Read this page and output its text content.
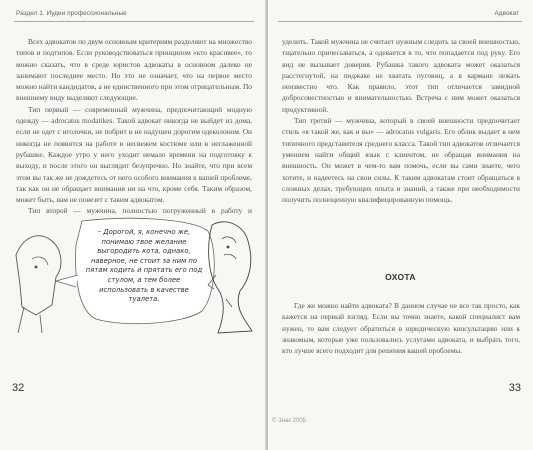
Раздел 1. Иудеи профессиональные

Всех адвокатов по двум основным критериям разделяют на множество типов и подтипов. Если руководствоваться принципом «кто красивее», то можно сказать, что в среде юристов адвокаты в основном далеко не занимают последнее место. Но это не означает, что на первое место можно найти кандидатов, а не единственного при этом отрицательным. По внешнему виду выделяют следующие.

Тип первый — современный мужчина, предпочитающий модную одежду — adrocatus modatikes. Такой адвокат никогда не выйдет из дома, если не одет с иголочки, не побрит и не надушен дорогим одеколоном. Он никогда не появится на работе в несвежем костюме или в неглаженной рубашке. Каждое утро у него уходит немало времени на подготовку к выходу, и после этого он выглядит безупречно. Но знайте, что при всем этом вы так же не дождетесь от него особого внимания к вашей проблеме, так как он не обращает внимания ни на что, кроме себя. Таким образом, может быть, вам не повезет с таким адвокатом.

Тип второй — мужчина, полностью погруженный в работу и

32
Адвокат

уделить. Такой мужчина не считает нужным следить за своей внешностью, тщательно причесываться, а одевается в то, что попадается под руку. Его вид не вызывает доверия. Рубашка такого адвоката может оказаться расстегнутой, на пиджаке не хватать пуговиц, а в кармане лежать неизвестно что. Как правило, этот тип отличается завидной добросовестностью и внимательностью. Встреча с ним может оказаться продуктивной.

Тип третий — мужчина, который в своей внешности предпочитает стиль «я такой же, как и вы» — adrocatus vulgaris. Его облик выдает в нем типичного представителя среднего класса. Такой тип адвокатов отличается умением найти общий язык с клиентом, не обращая внимания на внешность. Он может в чем-то вам помочь, если вы сами знаете, чего хотите, и надеетесь на свои силы. К таким адвокатам стоит обращаться в сложных делах, требующих опыта и знаний, а также при необходимости получить полноценную квалифицированную помощь.

Где же можно найти адвоката? В данном случае не все так просто, как кажется на первый взгляд. Если вы точно знаете, какой специалист вам нужен, то вам следует обратиться в юридическую консультацию или к знакомым, которые уже пользовались услугами адвоката, и выбрать того, кто лучше всего подходит для решения вашей проблемы.

33
© Знак 2005
ОХОТА
– Дорогой, я, конечно же, понимаю твое желание выгородить кота, однако, наверное, не стоит за ним по пятам ходить и прятать его под стулом, а тем более использовать в качестве туалета.
